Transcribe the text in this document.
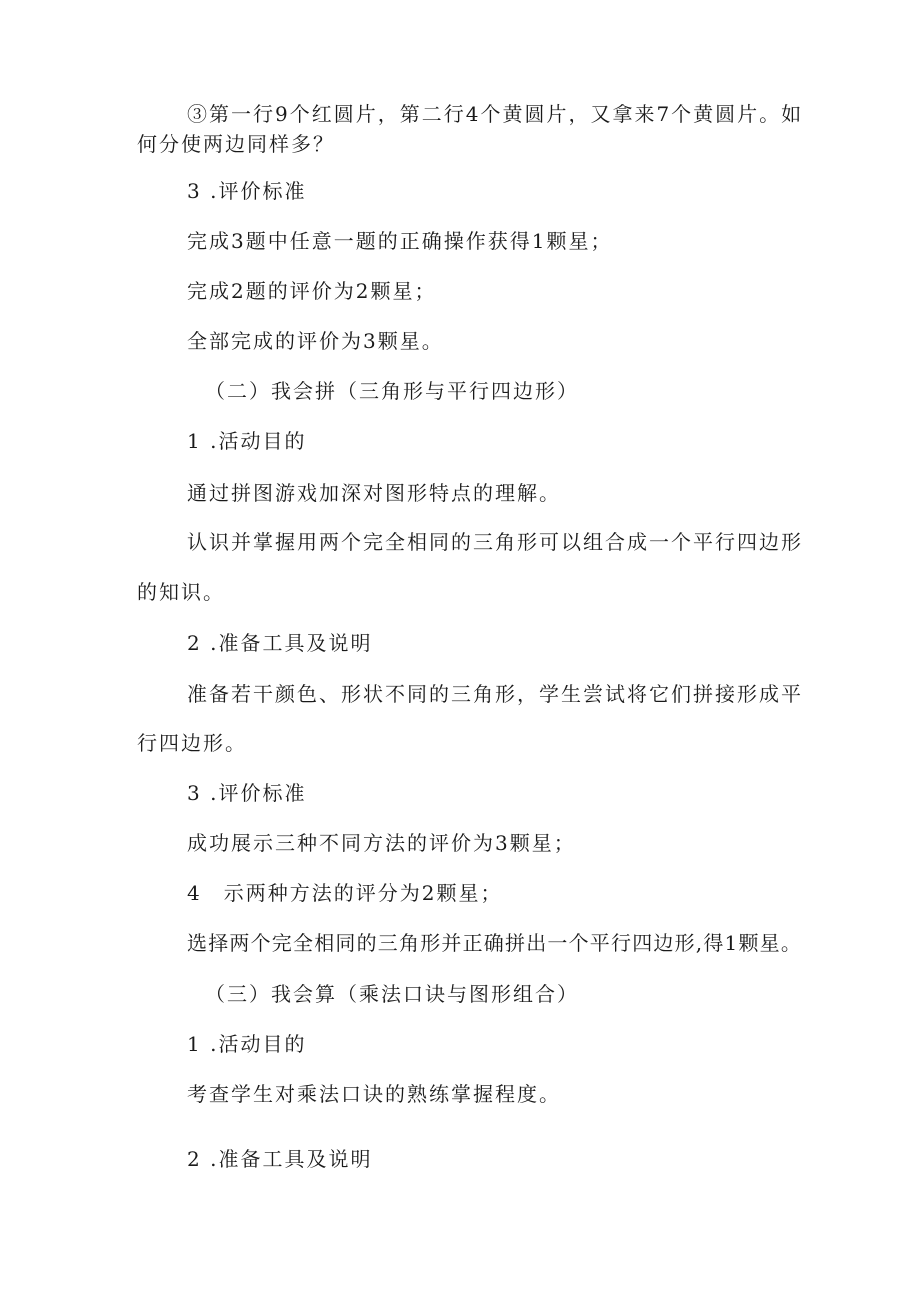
③第一行9个红圆片，第二行4个黄圆片，又拿来7个黄圆片。如
何分使两边同样多？
3 .评价标准
完成3题中任意一题的正确操作获得1颗星；
完成2题的评价为2颗星；
全部完成的评价为3颗星。
（二）我会拼（三角形与平行四边形）
1 .活动目的
通过拼图游戏加深对图形特点的理解。
认识并掌握用两个完全相同的三角形可以组合成一个平行四边形
的知识。
2 .准备工具及说明
准备若干颜色、形状不同的三角形，学生尝试将它们拼接形成平
行四边形。
3 .评价标准
成功展示三种不同方法的评价为3颗星；
4　示两种方法的评分为2颗星；
选择两个完全相同的三角形并正确拼出一个平行四边形,得1颗星。
（三）我会算（乘法口诀与图形组合）
1 .活动目的
考查学生对乘法口诀的熟练掌握程度。
2 .准备工具及说明
